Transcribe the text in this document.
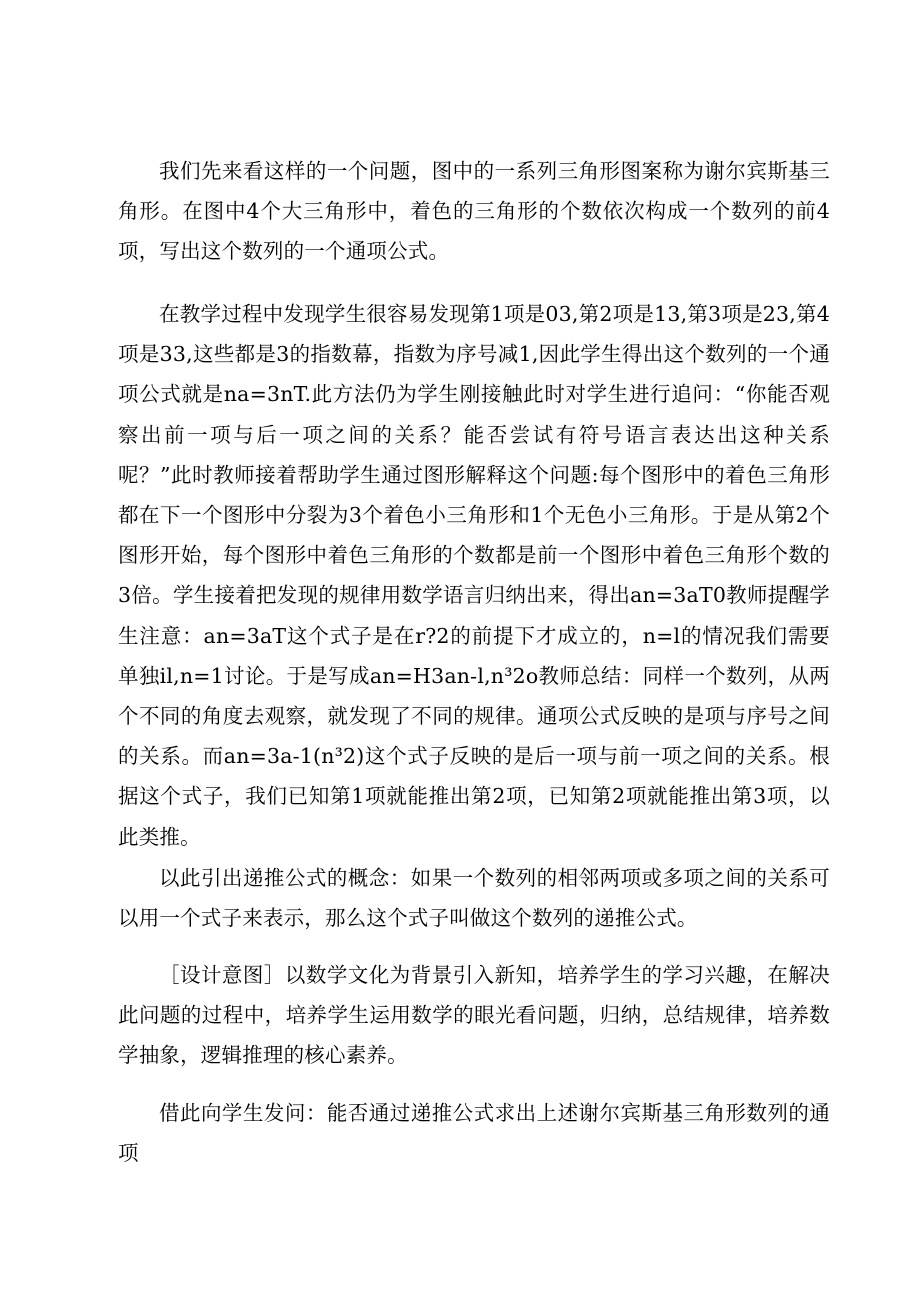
我们先来看这样的一个问题，图中的一系列三角形图案称为谢尔宾斯基三角形。在图中4个大三角形中，着色的三角形的个数依次构成一个数列的前4项，写出这个数列的一个通项公式。

在教学过程中发现学生很容易发现第1项是03,第2项是13,第3项是23,第4项是33,这些都是3的指数幕，指数为序号减1,因此学生得出这个数列的一个通项公式就是na=3nT.此方法仍为学生刚接触此时对学生进行追问：“你能否观察出前一项与后一项之间的关系？能否尝试有符号语言表达出这种关系呢？”此时教师接着帮助学生通过图形解释这个问题:每个图形中的着色三角形都在下一个图形中分裂为3个着色小三角形和1个无色小三角形。于是从第2个图形开始，每个图形中着色三角形的个数都是前一个图形中着色三角形个数的3倍。学生接着把发现的规律用数学语言归纳出来，得出an=3aT0教师提醒学生注意：an=3aT这个式子是在r?2的前提下才成立的，n=l的情况我们需要单独il,n=1讨论。于是写成an=H3an-l,n³2o教师总结：同样一个数列，从两个不同的角度去观察，就发现了不同的规律。通项公式反映的是项与序号之间的关系。而an=3a-1(n³2)这个式子反映的是后一项与前一项之间的关系。根据这个式子，我们已知第1项就能推出第2项，已知第2项就能推出第3项，以此类推。

以此引出递推公式的概念：如果一个数列的相邻两项或多项之间的关系可以用一个式子来表示，那么这个式子叫做这个数列的递推公式。

［设计意图］以数学文化为背景引入新知，培养学生的学习兴趣，在解决此问题的过程中，培养学生运用数学的眼光看问题，归纳，总结规律，培养数学抽象，逻辑推理的核心素养。

借此向学生发问：能否通过递推公式求出上述谢尔宾斯基三角形数列的通项
